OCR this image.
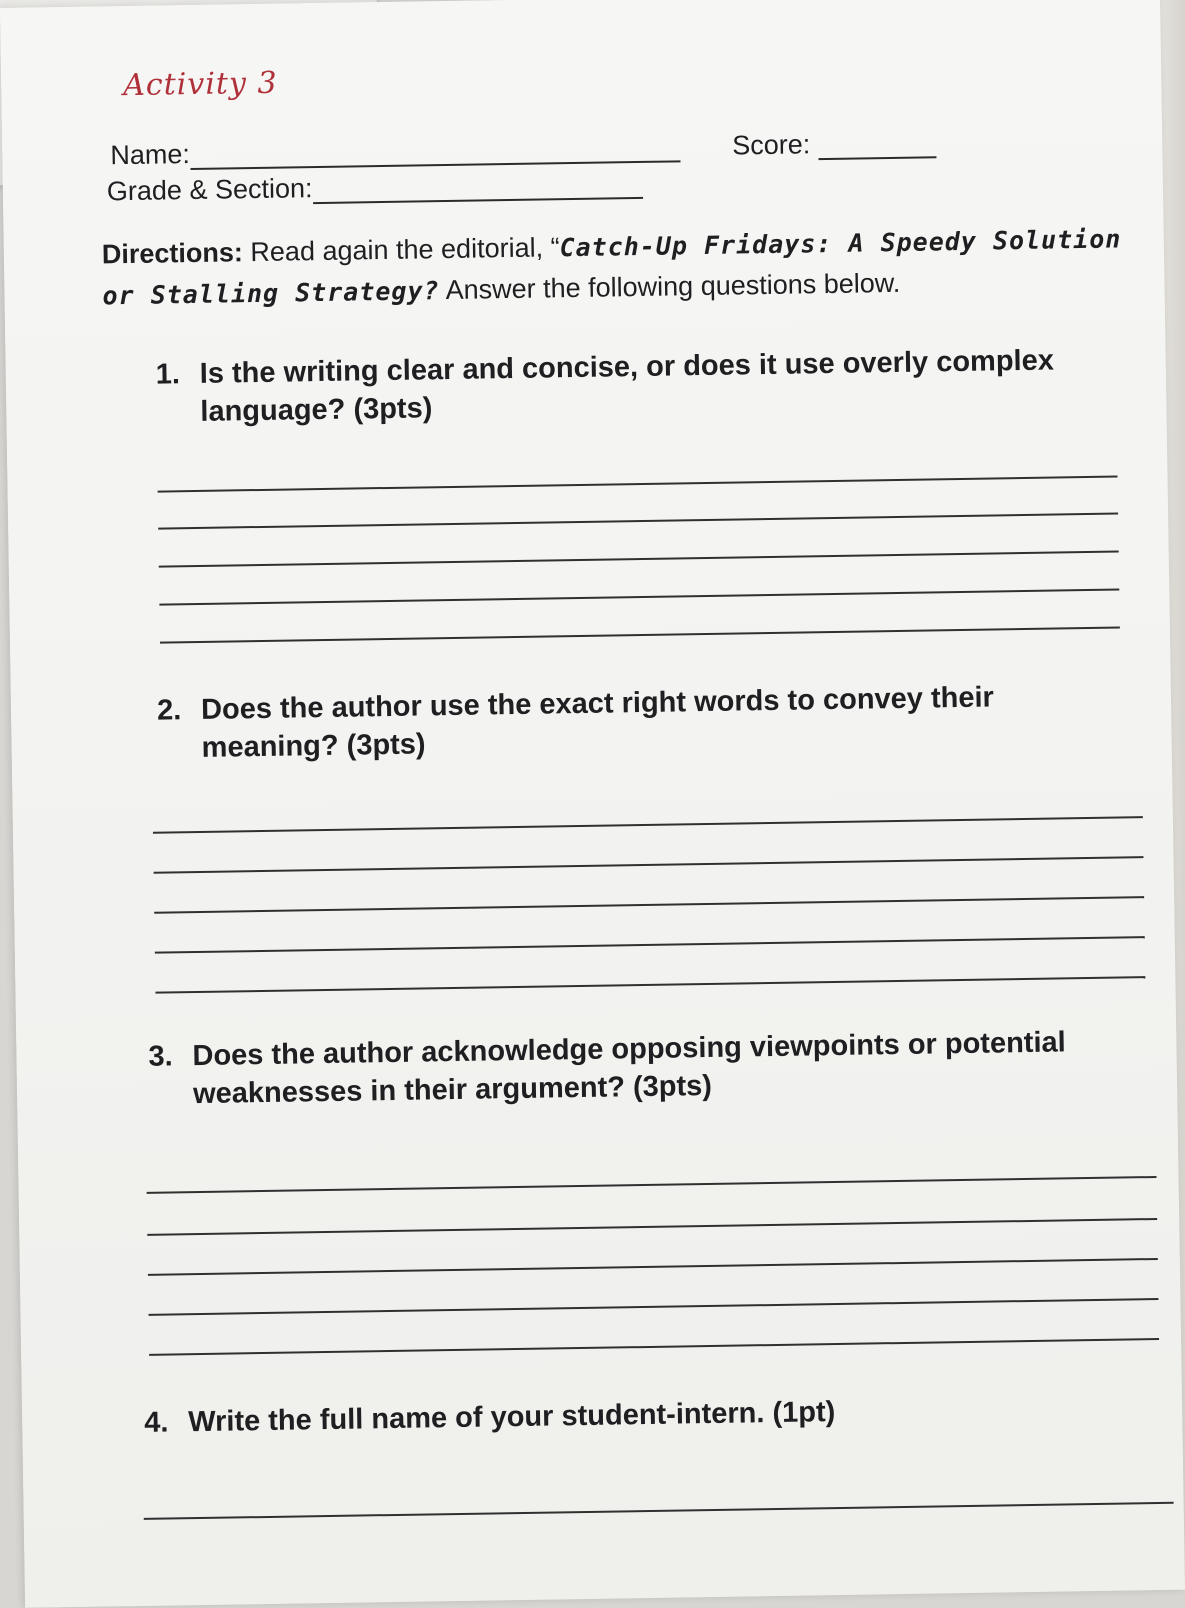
Activity 3
Name:	Score:
Grade & Section:
Directions: Read again the editorial, “Catch-Up Fridays: A Speedy Solution or Stalling Strategy? Answer the following questions below.
1. Is the writing clear and concise, or does it use overly complex language? (3pts)
2. Does the author use the exact right words to convey their meaning? (3pts)
3. Does the author acknowledge opposing viewpoints or potential weaknesses in their argument? (3pts)
4. Write the full name of your student-intern. (1pt)
